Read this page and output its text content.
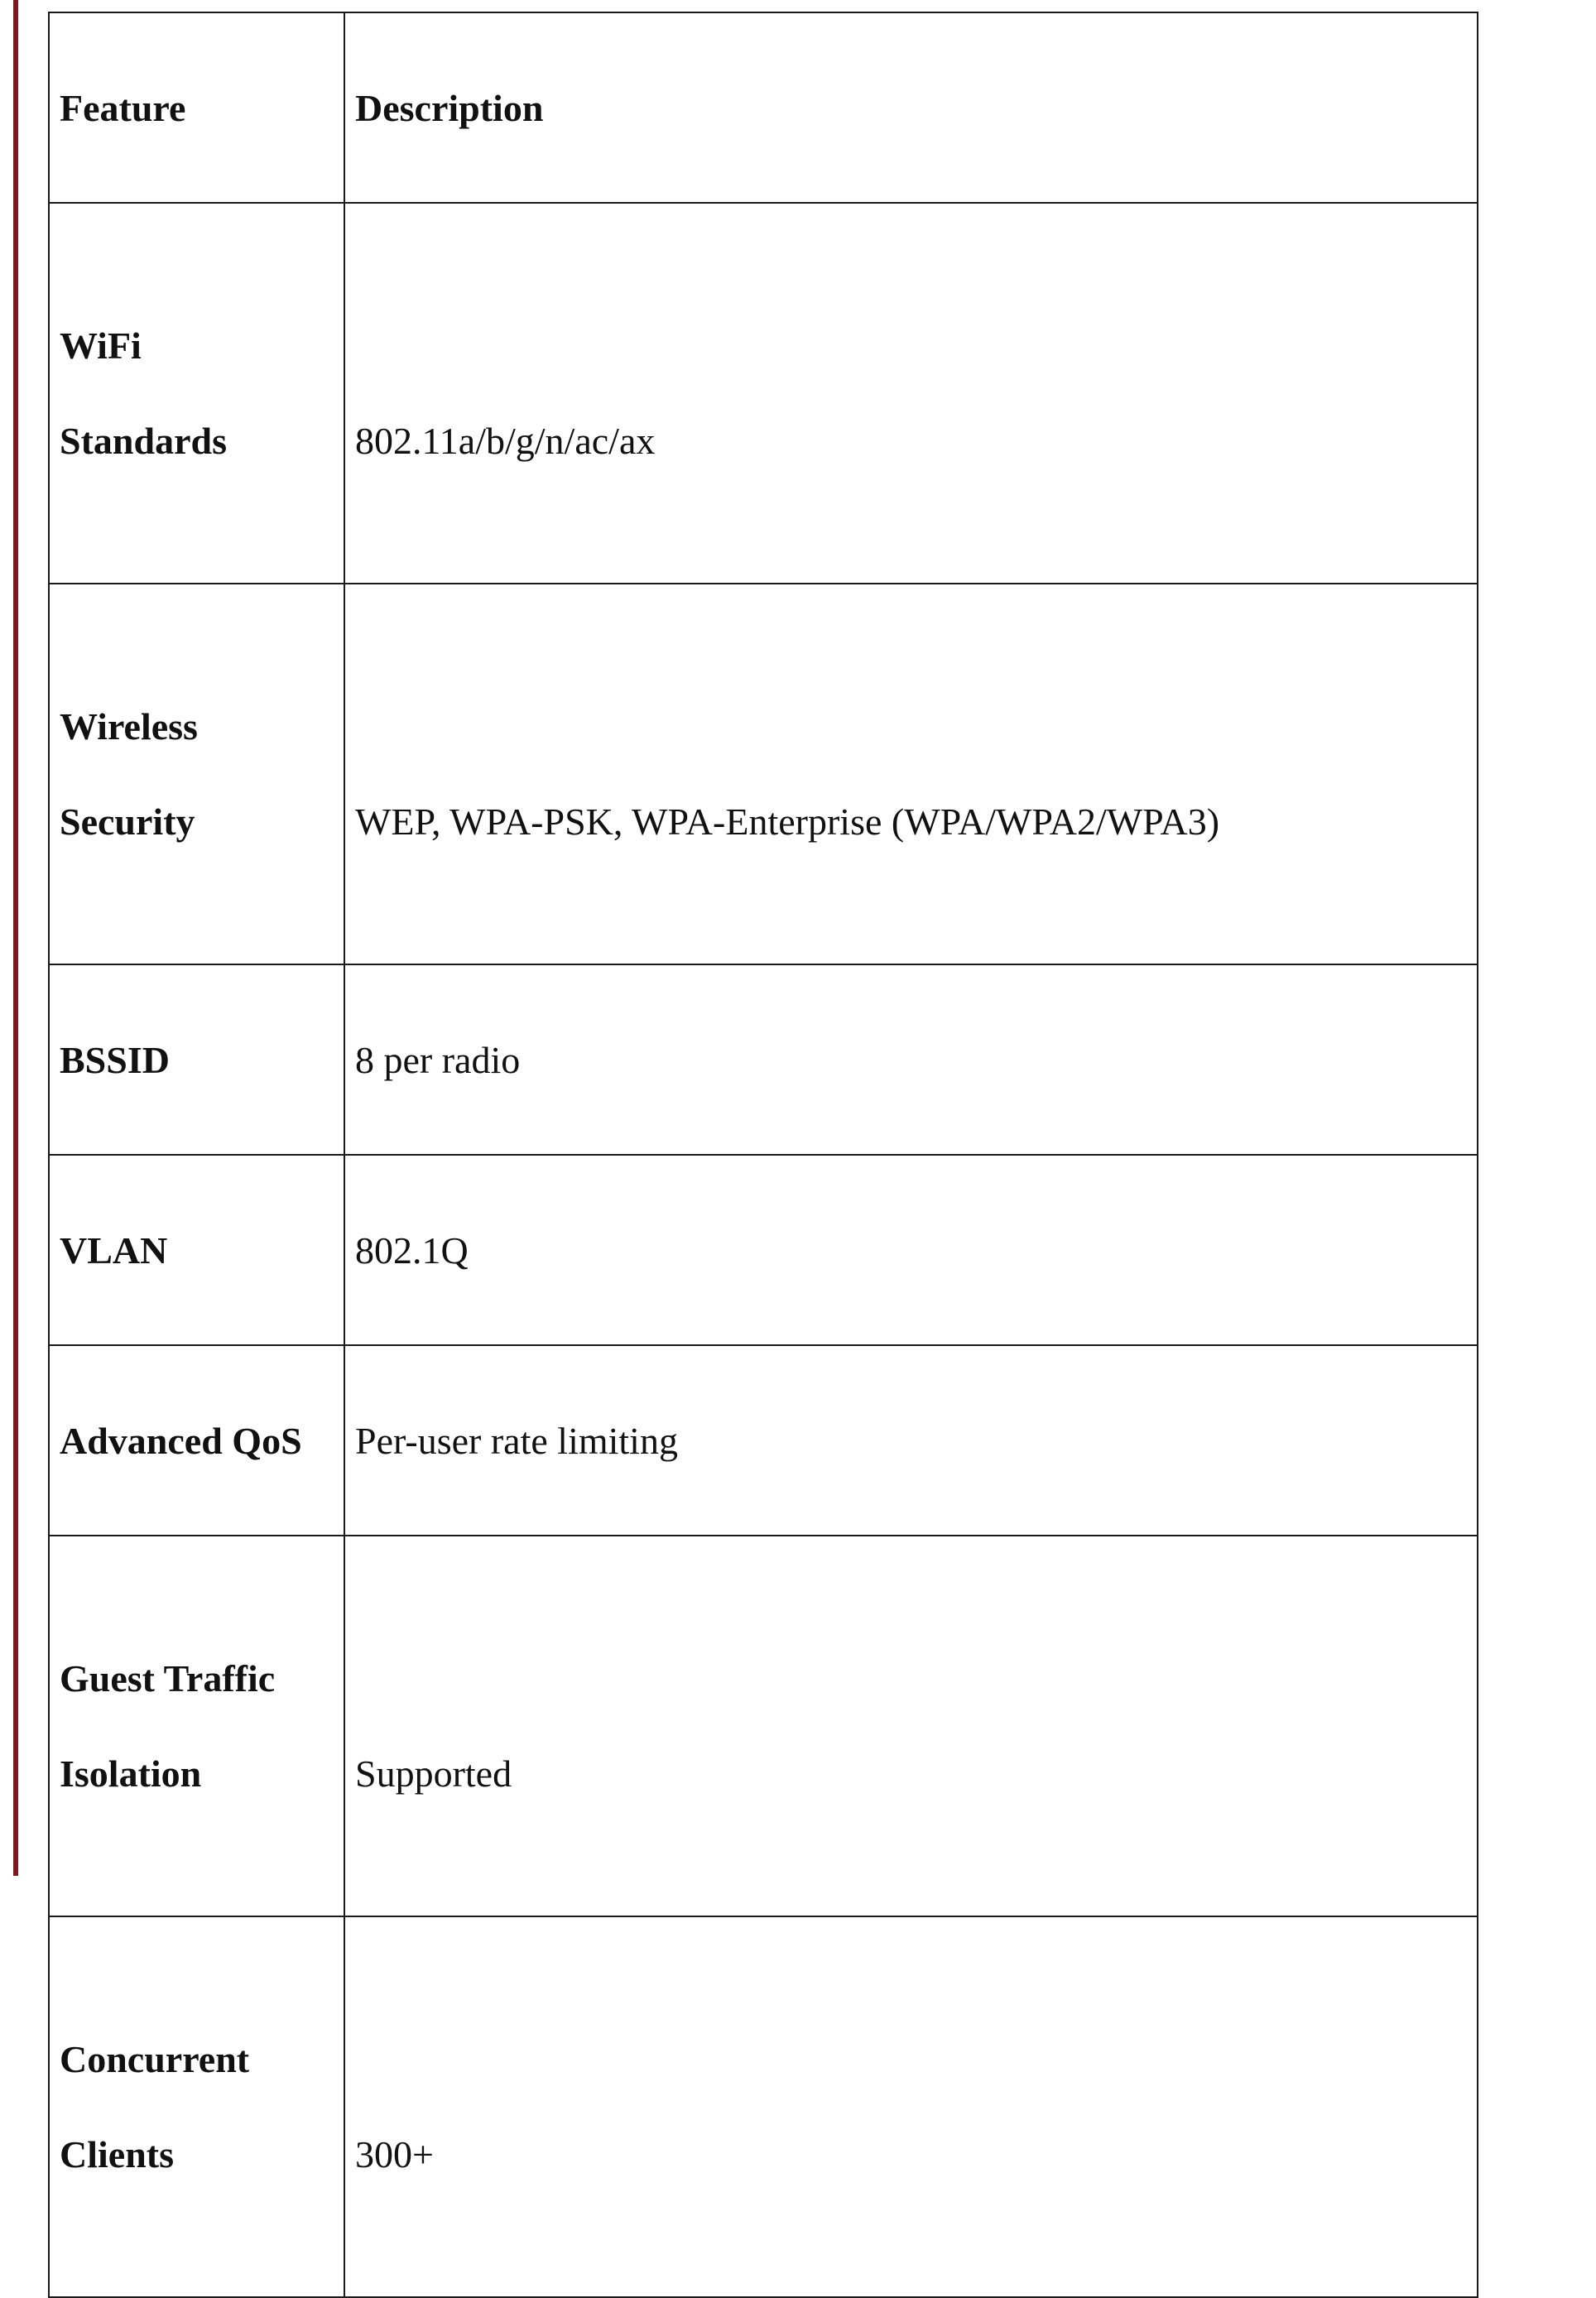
Feature	Description

WiFi
Standards	802.11a/b/g/n/ac/ax

Wireless
Security	WEP, WPA-PSK, WPA-Enterprise (WPA/WPA2/WPA3)
BSSID	8 per radio
VLAN	802.1Q
Advanced QoS	Per-user rate limiting

Guest Traffic
Isolation	Supported

Concurrent
Clients	300+
